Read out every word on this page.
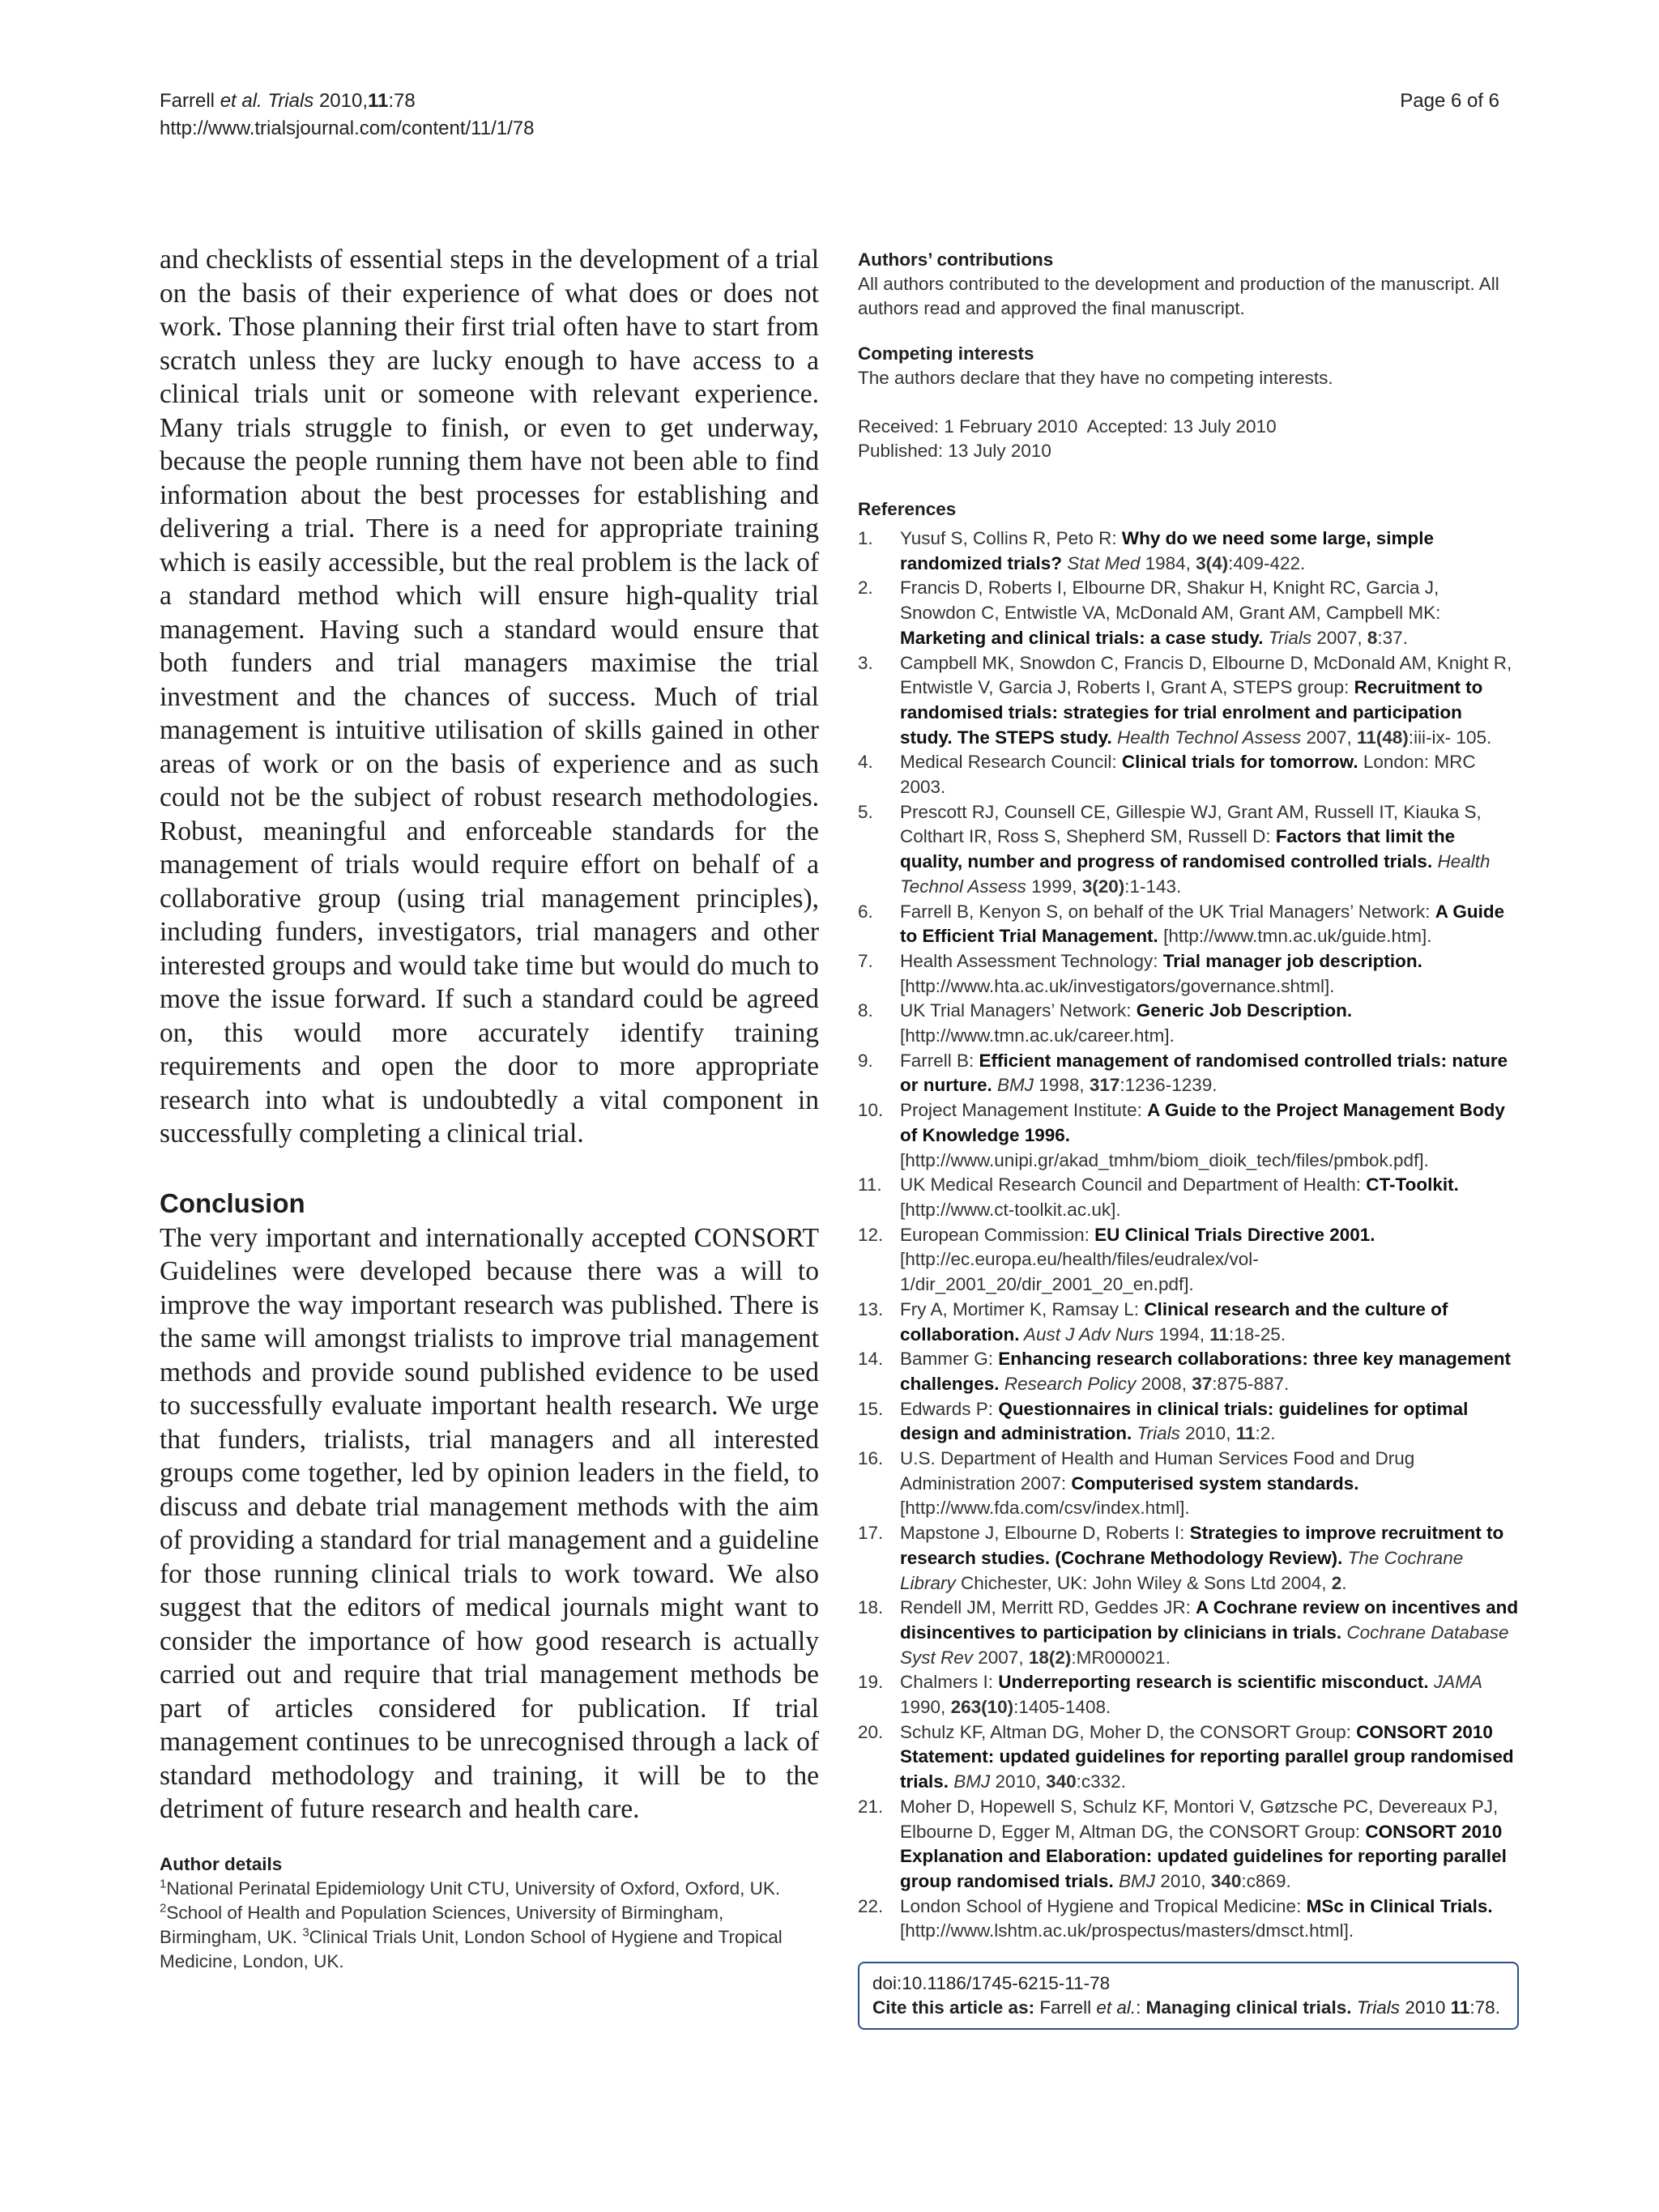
Farrell et al. Trials 2010,11:78
http://www.trialsjournal.com/content/11/1/78
Page 6 of 6

and checklists of essential steps in the development of a trial on the basis of their experience of what does or does not work. Those planning their first trial often have to start from scratch unless they are lucky enough to have access to a clinical trials unit or someone with relevant experience. Many trials struggle to finish, or even to get underway, because the people running them have not been able to find information about the best processes for establishing and delivering a trial. There is a need for appropriate training which is easily accessible, but the real problem is the lack of a standard method which will ensure high-quality trial management. Having such a standard would ensure that both funders and trial managers maximise the trial investment and the chances of success. Much of trial management is intuitive utilisation of skills gained in other areas of work or on the basis of experience and as such could not be the subject of robust research methodologies. Robust, meaningful and enforceable standards for the management of trials would require effort on behalf of a collaborative group (using trial management principles), including funders, investigators, trial managers and other interested groups and would take time but would do much to move the issue forward. If such a standard could be agreed on, this would more accurately identify training requirements and open the door to more appropriate research into what is undoubtedly a vital component in successfully completing a clinical trial.

Conclusion

The very important and internationally accepted CONSORT Guidelines were developed because there was a will to improve the way important research was published. There is the same will amongst trialists to improve trial management methods and provide sound published evidence to be used to successfully evaluate important health research. We urge that funders, trialists, trial managers and all interested groups come together, led by opinion leaders in the field, to discuss and debate trial management methods with the aim of providing a standard for trial management and a guideline for those running clinical trials to work toward. We also suggest that the editors of medical journals might want to consider the importance of how good research is actually carried out and require that trial management methods be part of articles considered for publication. If trial management continues to be unrecognised through a lack of standard methodology and training, it will be to the detriment of future research and health care.

Author details

$^1$National Perinatal Epidemiology Unit CTU, University of Oxford, Oxford, UK. $^2$School of Health and Population Sciences, University of Birmingham, Birmingham, UK. $^3$Clinical Trials Unit, London School of Hygiene and Tropical Medicine, London, UK.

Authors’ contributions

All authors contributed to the development and production of the manuscript. All authors read and approved the final manuscript.

Competing interests

The authors declare that they have no competing interests.

Received: 1 February 2010  Accepted: 13 July 2010

Published: 13 July 2010

References

1. Yusuf S, Collins R, Peto R: Why do we need some large, simple randomized trials? Stat Med 1984, 3(4):409-422.
2. Francis D, Roberts I, Elbourne DR, Shakur H, Knight RC, Garcia J, Snowdon C, Entwistle VA, McDonald AM, Grant AM, Campbell MK: Marketing and clinical trials: a case study. Trials 2007, 8:37.
3. Campbell MK, Snowdon C, Francis D, Elbourne D, McDonald AM, Knight R, Entwistle V, Garcia J, Roberts I, Grant A, STEPS group: Recruitment to randomised trials: strategies for trial enrolment and participation study. The STEPS study. Health Technol Assess 2007, 11(48):iii-ix- 105.
4. Medical Research Council: Clinical trials for tomorrow. London: MRC 2003.
5. Prescott RJ, Counsell CE, Gillespie WJ, Grant AM, Russell IT, Kiauka S, Colthart IR, Ross S, Shepherd SM, Russell D: Factors that limit the quality, number and progress of randomised controlled trials. Health Technol Assess 1999, 3(20):1-143.
6. Farrell B, Kenyon S, on behalf of the UK Trial Managers’ Network: A Guide to Efficient Trial Management. [http://www.tmn.ac.uk/guide.htm].
7. Health Assessment Technology: Trial manager job description. [http://www.hta.ac.uk/investigators/governance.shtml].
8. UK Trial Managers’ Network: Generic Job Description. [http://www.tmn.ac.uk/career.htm].
9. Farrell B: Efficient management of randomised controlled trials: nature or nurture. BMJ 1998, 317:1236-1239.
10. Project Management Institute: A Guide to the Project Management Body of Knowledge 1996. [http://www.unipi.gr/akad_tmhm/biom_dioik_tech/files/pmbok.pdf].
11. UK Medical Research Council and Department of Health: CT-Toolkit. [http://www.ct-toolkit.ac.uk].
12. European Commission: EU Clinical Trials Directive 2001. [http://ec.europa.eu/health/files/eudralex/vol-1/dir_2001_20/dir_2001_20_en.pdf].
13. Fry A, Mortimer K, Ramsay L: Clinical research and the culture of collaboration. Aust J Adv Nurs 1994, 11:18-25.
14. Bammer G: Enhancing research collaborations: three key management challenges. Research Policy 2008, 37:875-887.
15. Edwards P: Questionnaires in clinical trials: guidelines for optimal design and administration. Trials 2010, 11:2.
16. U.S. Department of Health and Human Services Food and Drug Administration 2007: Computerised system standards. [http://www.fda.com/csv/index.html].
17. Mapstone J, Elbourne D, Roberts I: Strategies to improve recruitment to research studies. (Cochrane Methodology Review). The Cochrane Library Chichester, UK: John Wiley & Sons Ltd 2004, 2.
18. Rendell JM, Merritt RD, Geddes JR: A Cochrane review on incentives and disincentives to participation by clinicians in trials. Cochrane Database Syst Rev 2007, 18(2):MR000021.
19. Chalmers I: Underreporting research is scientific misconduct. JAMA 1990, 263(10):1405-1408.
20. Schulz KF, Altman DG, Moher D, the CONSORT Group: CONSORT 2010 Statement: updated guidelines for reporting parallel group randomised trials. BMJ 2010, 340:c332.
21. Moher D, Hopewell S, Schulz KF, Montori V, Gøtzsche PC, Devereaux PJ, Elbourne D, Egger M, Altman DG, the CONSORT Group: CONSORT 2010 Explanation and Elaboration: updated guidelines for reporting parallel group randomised trials. BMJ 2010, 340:c869.
22. London School of Hygiene and Tropical Medicine: MSc in Clinical Trials. [http://www.lshtm.ac.uk/prospectus/masters/dmsct.html].
doi:10.1186/1745-6215-11-78
Cite this article as: Farrell et al.: Managing clinical trials. Trials 2010 11:78.
